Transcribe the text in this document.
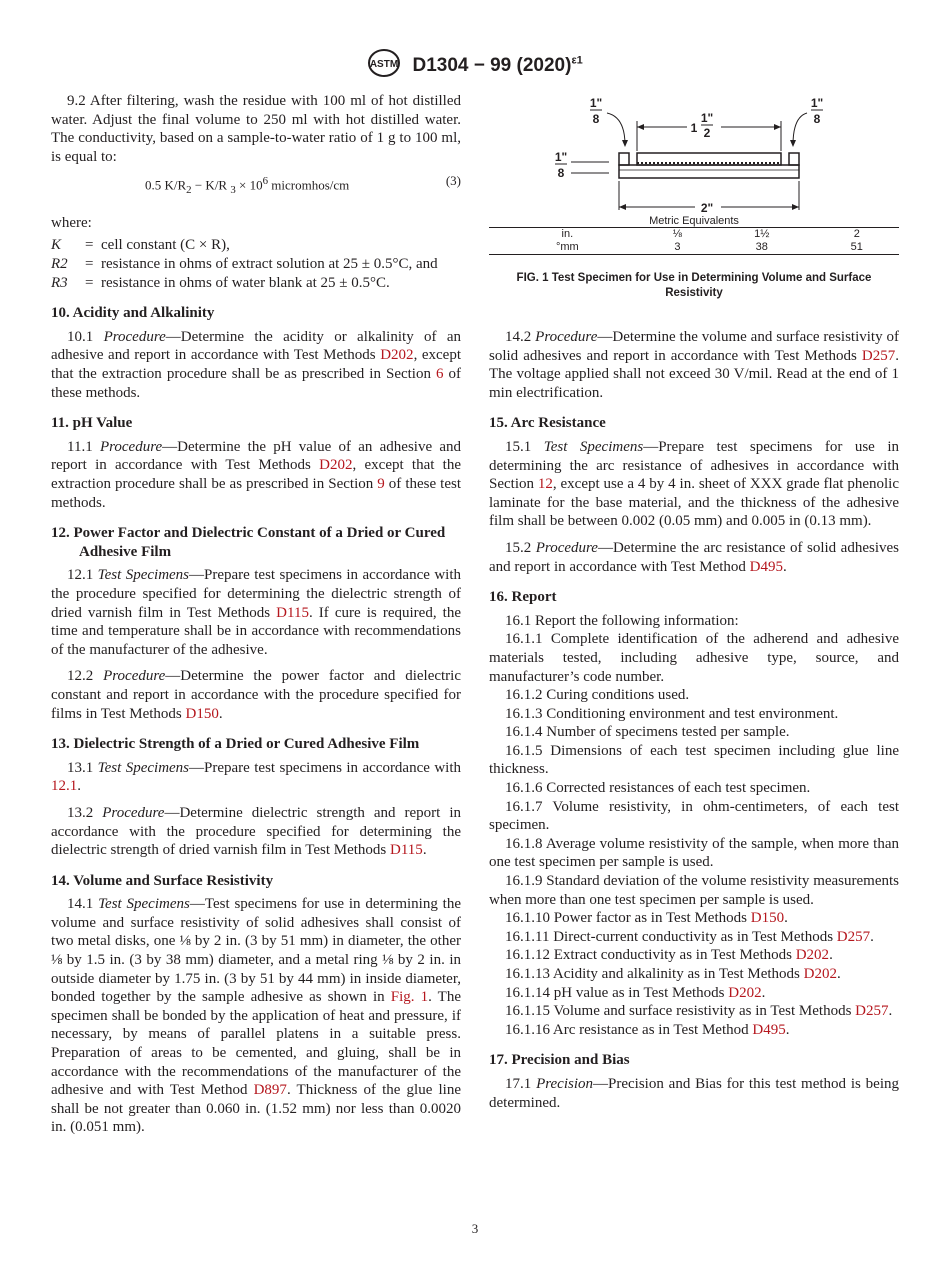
ASTM D1304 − 99 $(2020)^{\varepsilon 1}$

9.2 After filtering, wash the residue with 100 ml of hot distilled water. Adjust the final volume to 250 ml with hot distilled water. The conductivity, based on a sample-to-water ratio of 1 g to 100 ml, is equal to:

0.5 $K/R_2 - K/R$ $_3 \times 10^6$ micromhos/cm	(3)

where:

K	= cell constant (C × R),
R2	= resistance in ohms of extract solution at 25 ± 0.5°C, and
R3	= resistance in ohms of water blank at 25 ± 0.5°C.
10. Acidity and Alkalinity

10.1 Procedure—Determine the acidity or alkalinity of an adhesive and report in accordance with Test Methods D202, except that the extraction procedure shall be as prescribed in Section 6 of these methods.

11. pH Value

11.1 Procedure—Determine the pH value of an adhesive and report in accordance with Test Methods D202, except that the extraction procedure shall be as prescribed in Section 9 of these test methods.

12. Power Factor and Dielectric Constant of a Dried or Cured Adhesive Film

12.1 Test Specimens—Prepare test specimens in accordance with the procedure specified for determining the dielectric strength of dried varnish film in Test Methods D115. If cure is required, the time and temperature shall be in accordance with recommendations of the manufacturer of the adhesive.

12.2 Procedure—Determine the power factor and dielectric constant and report in accordance with the procedure specified for films in Test Methods D150.

13. Dielectric Strength of a Dried or Cured Adhesive Film

13.1 Test Specimens—Prepare test specimens in accordance with 12.1.

13.2 Procedure—Determine dielectric strength and report in accordance with the procedure specified for determining the dielectric strength of dried varnish film in Test Methods D115.

14. Volume and Surface Resistivity

14.1 Test Specimens—Test specimens for use in determining the volume and surface resistivity of solid adhesives shall consist of two metal disks, one ⅛ by 2 in. (3 by 51 mm) in diameter, the other ⅛ by 1.5 in. (3 by 38 mm) diameter, and a metal ring ⅛ by 2 in. in outside diameter by 1.75 in. (3 by 51 by 44 mm) in inside diameter, bonded together by the sample adhesive as shown in Fig. 1. The specimen shall be bonded by the application of heat and pressure, if necessary, by means of parallel platens in a suitable press. Preparation of areas to be cemented, and gluing, shall be in accordance with the recommendations of the manufacturer of the adhesive and with Test Method D897. Thickness of the glue line shall be not greater than 0.060 in. (1.52 mm) nor less than 0.0020 in. (0.051 mm).

1"
8
1"
8
1
1"
2
1"
8
2"
Metric Equivalents
in.	⅛	1½	2
°mm	3	38	51
FIG. 1 Test Specimen for Use in Determining Volume and Surface Resistivity

14.2 Procedure—Determine the volume and surface resistivity of solid adhesives and report in accordance with Test Methods D257. The voltage applied shall not exceed 30 V/mil. Read at the end of 1 min electrification.

15. Arc Resistance

15.1 Test Specimens—Prepare test specimens for use in determining the arc resistance of adhesives in accordance with Section 12, except use a 4 by 4 in. sheet of XXX grade flat phenolic laminate for the base material, and the thickness of the adhesive film shall be between 0.002 (0.05 mm) and 0.005 in (0.13 mm).

15.2 Procedure—Determine the arc resistance of solid adhesives and report in accordance with Test Method D495.

16. Report

16.1 Report the following information:

16.1.1 Complete identification of the adherend and adhesive materials tested, including adhesive type, source, and manufacturer’s code number.

16.1.2 Curing conditions used.

16.1.3 Conditioning environment and test environment.

16.1.4 Number of specimens tested per sample.

16.1.5 Dimensions of each test specimen including glue line thickness.

16.1.6 Corrected resistances of each test specimen.

16.1.7 Volume resistivity, in ohm-centimeters, of each test specimen.

16.1.8 Average volume resistivity of the sample, when more than one test specimen per sample is used.

16.1.9 Standard deviation of the volume resistivity measurements when more than one test specimen per sample is used.

16.1.10 Power factor as in Test Methods D150.

16.1.11 Direct-current conductivity as in Test Methods D257.

16.1.12 Extract conductivity as in Test Methods D202.

16.1.13 Acidity and alkalinity as in Test Methods D202.

16.1.14 pH value as in Test Methods D202.

16.1.15 Volume and surface resistivity as in Test Methods D257.

16.1.16 Arc resistance as in Test Method D495.

17. Precision and Bias

17.1 Precision—Precision and Bias for this test method is being determined.

3
